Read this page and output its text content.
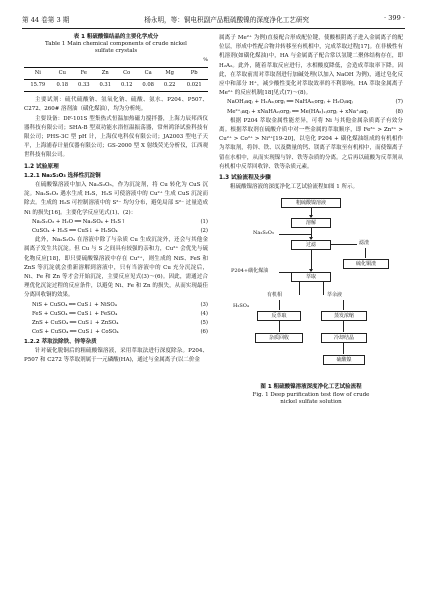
第 44 卷第 3 期	杨永明，等：铜电积副产品粗硫酸镍的深度净化工艺研究	· 399 ·
表 1 粗硫酸镍结晶的主要化学成分
Table 1 Main chemical components of crude nickel
sulfate crystals
%
Ni	Cu	Fe	Zn	Co	Ca	Mg	Pb
15.79	0.18	0.33	0.31	0.12	0.08	0.22	0.021

主要试剂：硫代硫酸钠、氢氧化钠、硫酸、氨水、P204、P507、C272、260# 溶剂油（磺化煤油），均为分析纯。

主要设备：DF-101S 型集热式恒温加热磁力搅拌器，上海力辰邦西仪器科技有限公司；SHA-B 型双功能水浴恒温振荡器，常州鸿泽试验科技有限公司；PHS-3C 型 pH 计，上海仪电科仪有限公司；JA2003 型电子天平，上海浦春计量仪器有限公司；GS-2000 型 X 射线荧光分析仪，江西观世科技有限公司。

1.2 试验原理
1.2.1 Na₂S₂O₃ 选择性沉淀铜

在硫酸镍溶液中加入 Na₂S₂O₃，作为沉淀剂，将 Cu 转化为 CuS 沉淀。Na₂S₂O₃ 遇水生成 H₂S，H₂S 可使溶液中的 Cu²⁺ 生成 CuS 沉淀而除去。生成的 H₂S 可控制溶液中的 S²⁻ 均匀分布，避免局部 S²⁻ 过量造成 Ni 的损失[16]。主要化学反应见式(1)、(2)：

Na₂S₂O₃ + H₂O ══ Na₂SO₄ + H₂S↑	(1)
CuSO₄ + H₂S ══ CuS↓ + H₂SO₄	(2)

此外，Na₂S₂O₃ 在溶液中除了与杂质 Cu 生成沉淀外，还会与其他金属离子发生共沉淀。但 Cu 与 S 之间具有较强的亲和力，Cu²⁺ 会优先与硫化物反应[18]，即只要硫酸镍溶液中存在 Cu²⁺，则生成的 NiS、FeS 和 ZnS 等沉淀就会重新溶解到溶液中，只有当溶液中的 Cu 充分沉淀后，Ni、Fe 和 Zn 等才会开始沉淀，主要反应见式(3)～(6)。因此，需通过合理优化沉淀过程的反应条件，以避免 Ni、Fe 和 Zn 的损失，从而实现最佳分离回收铜的效果。

NiS + CuSO₄ ══ CuS↓ + NiSO₄	(3)
FeS + CuSO₄ ══ CuS↓ + FeSO₄	(4)
ZnS + CuSO₄ ══ CuS↓ + ZnSO₄	(5)
CoS + CuSO₄ ══ CuS↓ + CoSO₄	(6)
1.2.2 萃取法除铁、锌等杂质

针对硫化脱铜后的粗硫酸镍溶液，采用萃取法进行深度除杂。P204、P507 和 C272 等萃取剂属于一元磷酸(HA)，通过与金属离子(以二价金

属离子 Me²⁺ 为例)直接配合形成配位键，使酸根阴离子进入金属离子的配位层，形成中性配合物并转移至有机相中，完成萃取过程[17]。在非极性有机溶剂(如磺化煤油)中，HA 与金属离子配合常以氢键二聚体结构存在，即 H₂A₂。此外，随着萃取反应进行，水相酸度降低，会造成萃取率下降。因此，在萃取前需对萃取剂进行加碱处理(以加入 NaOH 为例)，通过皂化反应中和部分 H⁺，减少酸性变化对萃取效率的不利影响。HA 萃取金属离子 Me²⁺ 的反应机制[18]见式(7)～(8)。

NaOH₍aq₎ + H₂A₂₍org₎ ══ NaHA₂₍org₎ + H₂O₍aq₎	(7)
Me²⁺₍aq₎ + xNaHA₂₍org₎ ══ Me(HA₂)ₓ₍org₎ + xNa⁺₍aq₎	(8)

根据 P204 萃取金属性能差异，可将 Ni 与其他金属杂质离子有效分离。根据萃取剂在硫酸介质中对一些金属的萃取顺序，即 Fe³⁺ > Zn²⁺ > Cu²⁺ > Co²⁺ > Ni²⁺[19-20]，以皂化 P204 + 磺化煤油组成的有机相作为萃取剂，将锌、铁、以及微量的钙、镁离子萃取至有机相中，而使镍离子留在水相中，从而实现镍与锌、铁等杂质的分离。之后再以硫酸为反萃剂从有机相中反萃回收锌、铁等杂质元素。

1.3 试验流程及步骤

粗硫酸镍溶液的深度净化工艺试验流程如图 1 所示。

粗硫酸镍溶液
溶解
Na₂S₂O₃
过滤	滤渣
硫化铜渣
P204+磺化煤油
萃取
有机相	萃余液
反萃取
H₂SO₄
蒸发浓缩
杂质回收	冷却结晶
硫酸镍
图 1 粗硫酸镍溶液深度净化工艺试验流程
Fig. 1 Deep purification test flow of crude
nickel sulfate solution
